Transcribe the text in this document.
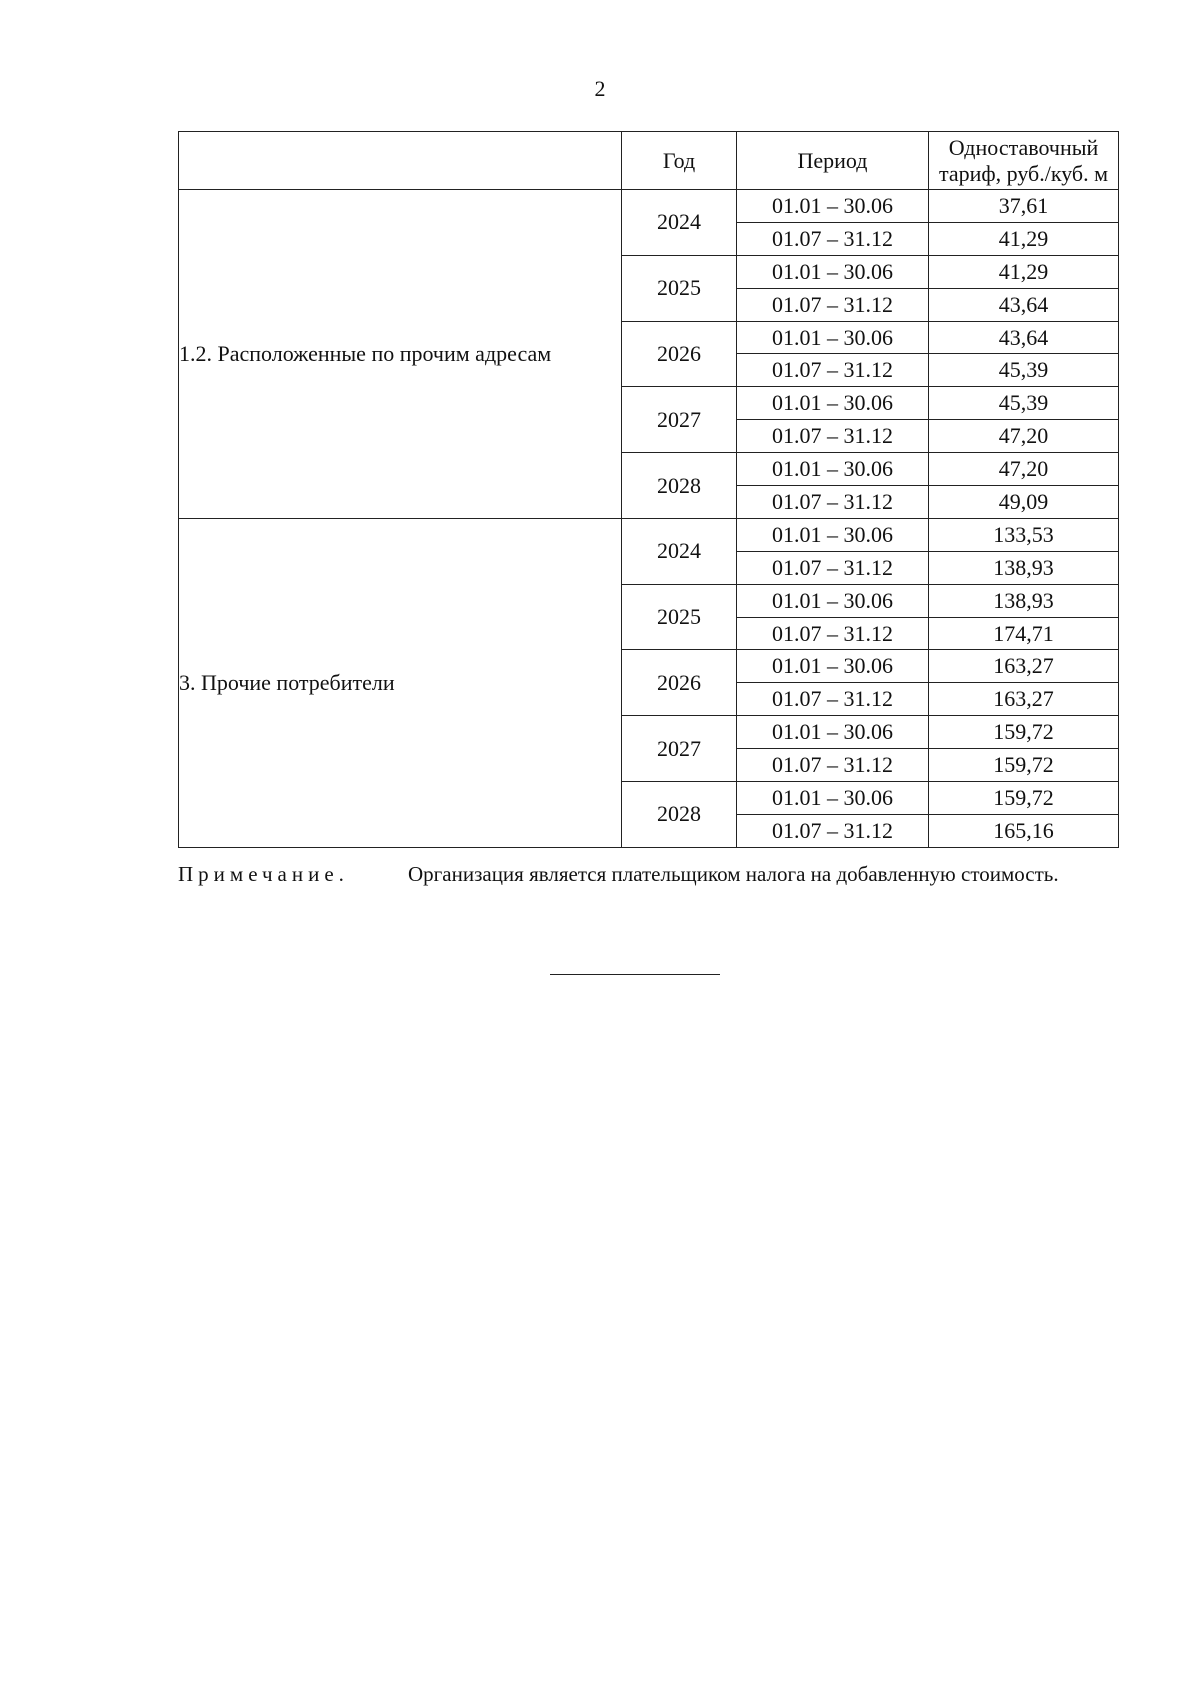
2
	Год	Период	Одноставочный
тариф, руб./куб. м
1.2. Расположенные по прочим адресам	2024	01.01 – 30.06	37,61
		01.07 – 31.12	41,29
	2025	01.01 – 30.06	41,29
		01.07 – 31.12	43,64
	2026	01.01 – 30.06	43,64
		01.07 – 31.12	45,39
	2027	01.01 – 30.06	45,39
		01.07 – 31.12	47,20
	2028	01.01 – 30.06	47,20
		01.07 – 31.12	49,09
3. Прочие потребители	2024	01.01 – 30.06	133,53
		01.07 – 31.12	138,93
	2025	01.01 – 30.06	138,93
		01.07 – 31.12	174,71
	2026	01.01 – 30.06	163,27
		01.07 – 31.12	163,27
	2027	01.01 – 30.06	159,72
		01.07 – 31.12	159,72
	2028	01.01 – 30.06	159,72
		01.07 – 31.12	165,16
Примечание.	Организация является плательщиком налога на добавленную стоимость.
